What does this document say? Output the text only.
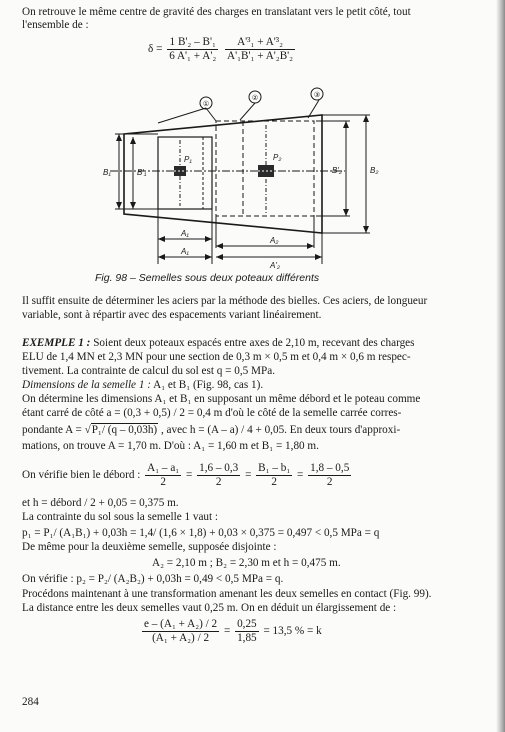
On retrouve le même centre de gravité des charges en translatant vers le petit côté, tout
l'ensemble de :
$\delta = \frac{\text{1 B'₂ – B'₁}}{\text{6 A'₁ + A'₂}}$
$\frac{\text{A'³₁ + A'³₂}}{\text{A'₁B'₁ + A'₂B'₂}}$
①
②	③
B₁	B'₁	B'₂	B₂
P₁	P₂
A₁
A₁
A₂
A'₂
Fig. 98 – Semelles sous deux poteaux différents
Il suffit ensuite de déterminer les aciers par la méthode des bielles. Ces aciers, de longueur
variable, sont à répartir avec des espacements variant linéairement.
EXEMPLE 1 : Soient deux poteaux espacés entre axes de 2,10 m, recevant des charges
ELU de 1,4 MN et 2,3 MN pour une section de 0,3 m × 0,5 m et 0,4 m × 0,6 m respec-
tivement. La contrainte de calcul du sol est q = 0,5 MPa.
Dimensions de la semelle 1 : A₁ et B₁ (Fig. 98, cas 1).
On détermine les dimensions A₁ et B₁ en supposant un même débord et le poteau comme
étant carré de côté a = (0,3 + 0,5) / 2 = 0,4 m d'où le côté de la semelle carrée corres-
pondante A = √P₁/ (q – 0,03h) , avec h = (A – a) / 4 + 0,05. En deux tours d'approxi-
mations, on trouve A = 1,70 m. D'où : A₁ = 1,60 m et B₁ = 1,80 m.
On vérifie bien le débord : $\frac{\text{A₁ – a₁}}{2} = \frac{1,6 - 0,3}{2} = \frac{\text{B₁ – b₁}}{2} = \frac{1,8 - 0,5}{2}$
et h = débord / 2 + 0,05 = 0,375 m.
La contrainte du sol sous la semelle 1 vaut :
p₁ = P₁/ (A₁B₁) + 0,03h = 1,4/ (1,6 × 1,8) + 0,03 × 0,375 = 0,497 < 0,5 MPa = q
De même pour la deuxième semelle, supposée disjointe :
A₂ = 2,10 m ; B₂ = 2,30 m et h = 0,475 m.
On vérifie : p₂ = P₂/ (A₂B₂) + 0,03h = 0,49 < 0,5 MPa = q.
Procédons maintenant à une transformation amenant les deux semelles en contact (Fig. 99).
La distance entre les deux semelles vaut 0,25 m. On en déduit un élargissement de :
$\frac{\text{e – (A₁ + A₂) / 2}}{\text{(A₁ + A₂) / 2}} = \frac{0,25}{1,85} = 13,5$ % = k
284
